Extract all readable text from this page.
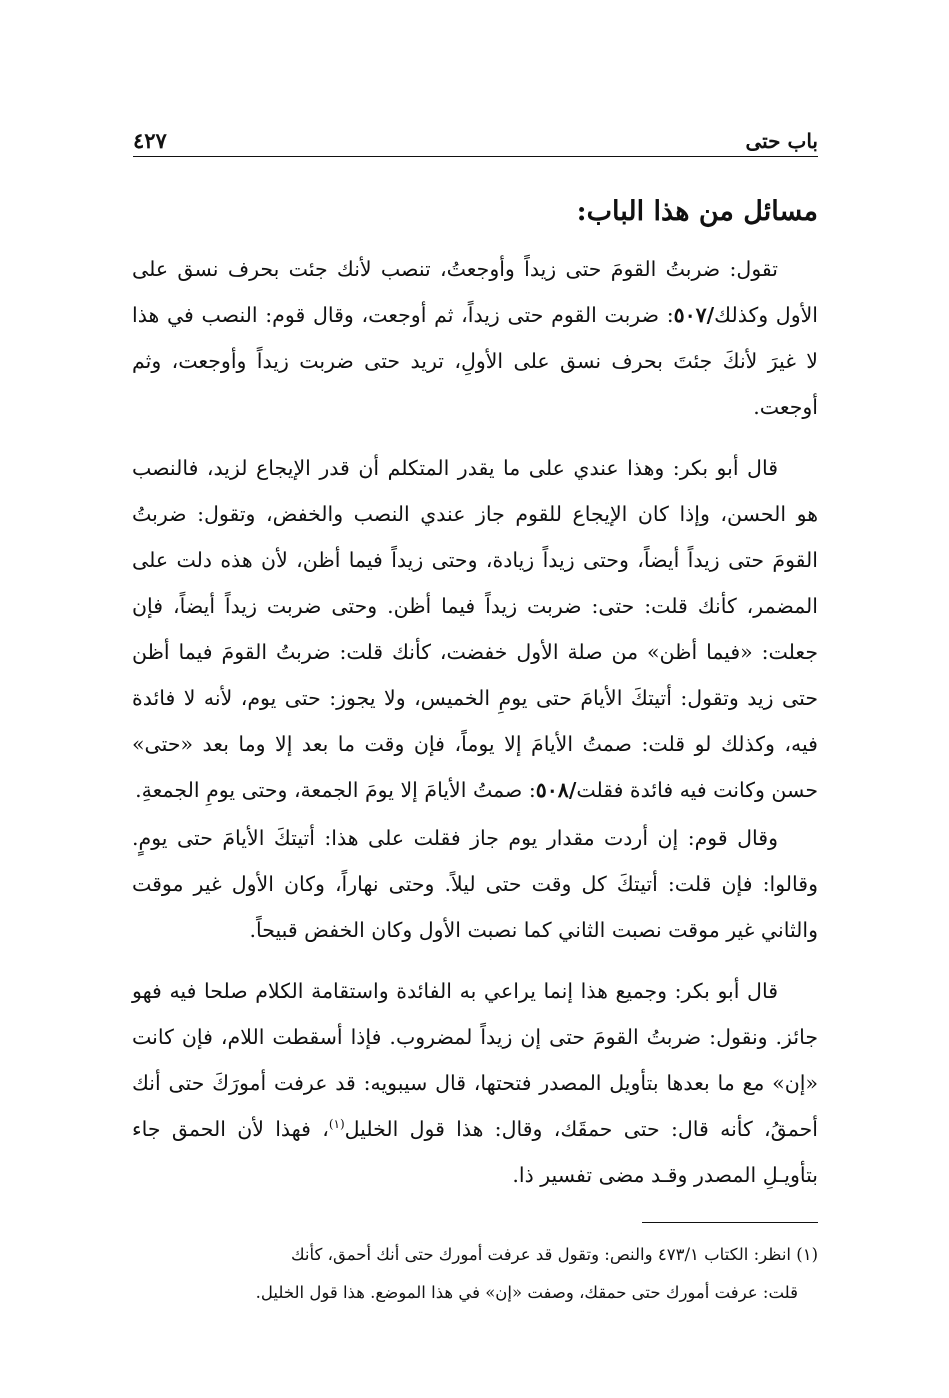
باب حتى
٤٢٧
مسائل من هذا الباب:

تقول: ضربتُ القومَ حتى زيداً وأوجعتُ، تنصب لأنك جئت بحرف نسق على الأول وكذلك/٥٠٧: ضربت القوم حتى زيداً، ثم أوجعت، وقال قوم: النصب في هذا لا غيرَ لأنكَ جئتَ بحرف نسق على الأولِ، تريد حتى ضربت زيداً وأوجعت، وثم أوجعت.

قال أبو بكر: وهذا عندي على ما يقدر المتكلم أن قدر الإيجاع لزيد، فالنصب هو الحسن، وإذا كان الإيجاع للقوم جاز عندي النصب والخفض، وتقول: ضربتُ القومَ حتى زيداً أيضاً، وحتى زيداً زيادة، وحتى زيداً فيما أظن، لأن هذه دلت على المضمر، كأنك قلت: حتى: ضربت زيداً فيما أظن. وحتى ضربت زيداً أيضاً، فإن جعلت: «فيما أظن» من صلة الأول خفضت، كأنك قلت: ضربتُ القومَ فيما أظن حتى زيد وتقول: أتيتكَ الأيامَ حتى يومِ الخميس، ولا يجوز: حتى يوم، لأنه لا فائدة فيه، وكذلك لو قلت: صمتُ الأيامَ إلا يوماً، فإن وقت ما بعد إلا وما بعد «حتى» حسن وكانت فيه فائدة فقلت/٥٠٨: صمتُ الأيامَ إلا يومَ الجمعة، وحتى يومِ الجمعةِ.

وقال قوم: إن أردت مقدار يوم جاز فقلت على هذا: أتيتكَ الأيامَ حتى يومٍ. وقالوا: فإن قلت: أتيتكَ كل وقت حتى ليلاً. وحتى نهاراً، وكان الأول غير موقت والثاني غير موقت نصبت الثاني كما نصبت الأول وكان الخفض قبيحاً.

قال أبو بكر: وجميع هذا إنما يراعي به الفائدة واستقامة الكلام صلحا فيه فهو جائز. ونقول: ضربتُ القومَ حتى إن زيداً لمضروب. فإذا أسقطت اللام، فإن كانت «إن» مع ما بعدها بتأويل المصدر فتحتها، قال سيبويه: قد عرفت أمورَكَ حتى أنك أحمقُ، كأنه قال: حتى حمقَك، وقال: هذا قول الخليل$^{(١)}$، فهذا لأن الحمق جاء بتأويـلِ المصدر وقـد مضى تفسير ذا.

(١) انظر: الكتاب ٤٧٣/١ والنص: وتقول قد عرفت أمورك حتى أنك أحمق، كأنك

قلت: عرفت أمورك حتى حمقك، وصفت «إن» في هذا الموضع. هذا قول الخليل.
